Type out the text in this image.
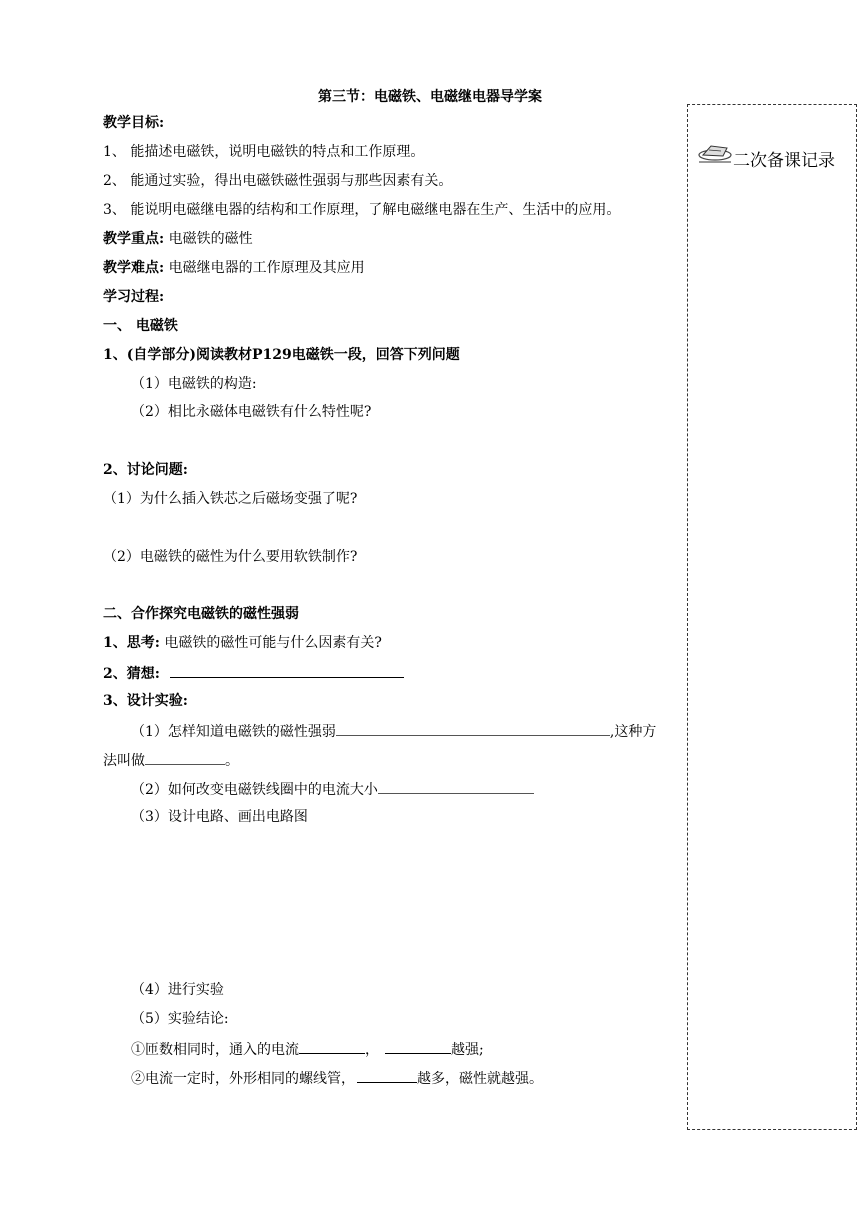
第三节：电磁铁、电磁继电器导学案
二次备课记录
教学目标:
1、 能描述电磁铁，说明电磁铁的特点和工作原理。
2、 能通过实验，得出电磁铁磁性强弱与那些因素有关。
3、 能说明电磁继电器的结构和工作原理，了解电磁继电器在生产、生活中的应用。
教学重点: 电磁铁的磁性
教学难点: 电磁继电器的工作原理及其应用
学习过程:
一、 电磁铁
1、(自学部分)阅读教材P129电磁铁一段，回答下列问题
（1）电磁铁的构造:
（2）相比永磁体电磁铁有什么特性呢?
2、讨论问题:
（1）为什么插入铁芯之后磁场变强了呢?
（2）电磁铁的磁性为什么要用软铁制作?
二、合作探究电磁铁的磁性强弱
1、思考: 电磁铁的磁性可能与什么因素有关?
2、猜想:
3、设计实验:
（1）怎样知道电磁铁的磁性强弱	,这种方
法叫做	。
（2）如何改变电磁铁线圈中的电流大小
（3）设计电路、画出电路图
（4）进行实验
（5）实验结论:
①匝数相同时，通入的电流	，	越强;
②电流一定时，外形相同的螺线管，	越多，磁性就越强。
